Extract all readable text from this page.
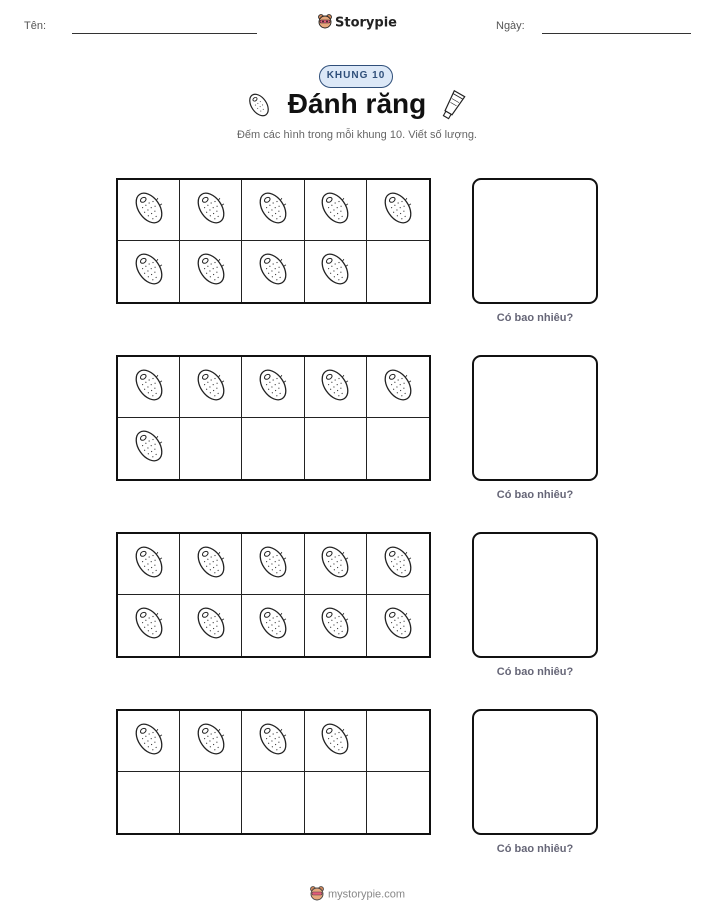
Tên:	Ngày:
Storypie
KHUNG 10
Đánh răng
Đếm các hình trong mỗi khung 10. Viết số lượng.
Có bao nhiêu?
Có bao nhiêu?
Có bao nhiêu?
Có bao nhiêu?
mystorypie.com
